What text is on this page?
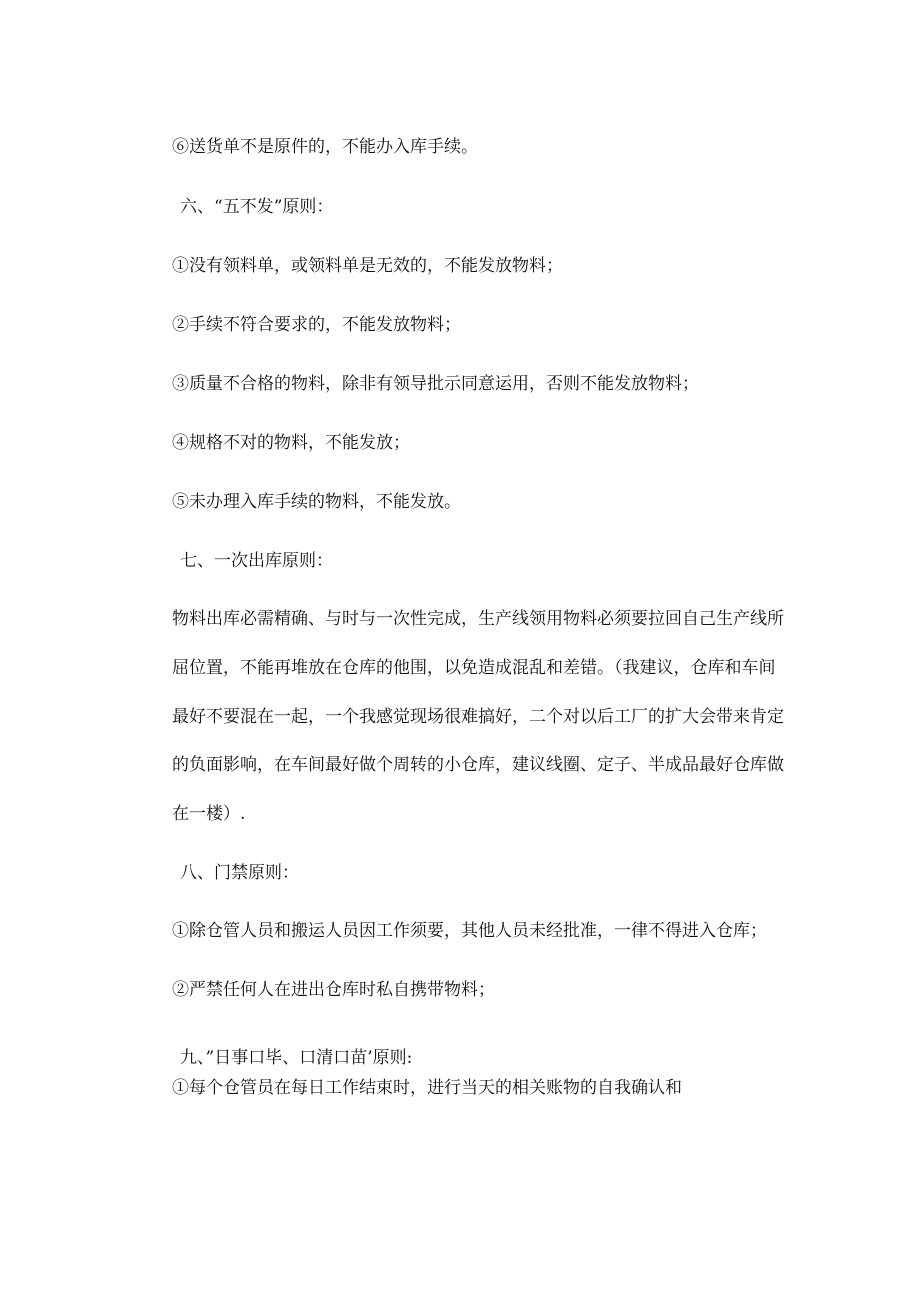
⑥送货单不是原件的，不能办入库手续。

六、“五不发”原则：

①没有领料单，或领料单是无效的，不能发放物料；

②手续不符合要求的，不能发放物料；

③质量不合格的物料，除非有领导批示同意运用，否则不能发放物料；

④规格不对的物料，不能发放；

⑤未办理入库手续的物料，不能发放。

七、一次出库原则：

物料出库必需精确、与时与一次性完成，生产线领用物料必须要拉回自己生产线所

屈位置，不能再堆放在仓库的他围，以免造成混乱和差错。（我建议，仓库和车间

最好不要混在一起，一个我感觉现场很难搞好，二个对以后工厂的扩大会带来肯定

的负面影响，在车间最好做个周转的小仓库，建议线圈、定子、半成品最好仓库做

在一楼）.

八、门禁原则：

①除仓管人员和搬运人员因工作须要，其他人员未经批准，一律不得进入仓库；

②严禁任何人在进出仓库时私自携带物料；

九、”日事口毕、口清口苗’原则:

①每个仓管员在每日工作结束时，进行当天的相关账物的自我确认和
